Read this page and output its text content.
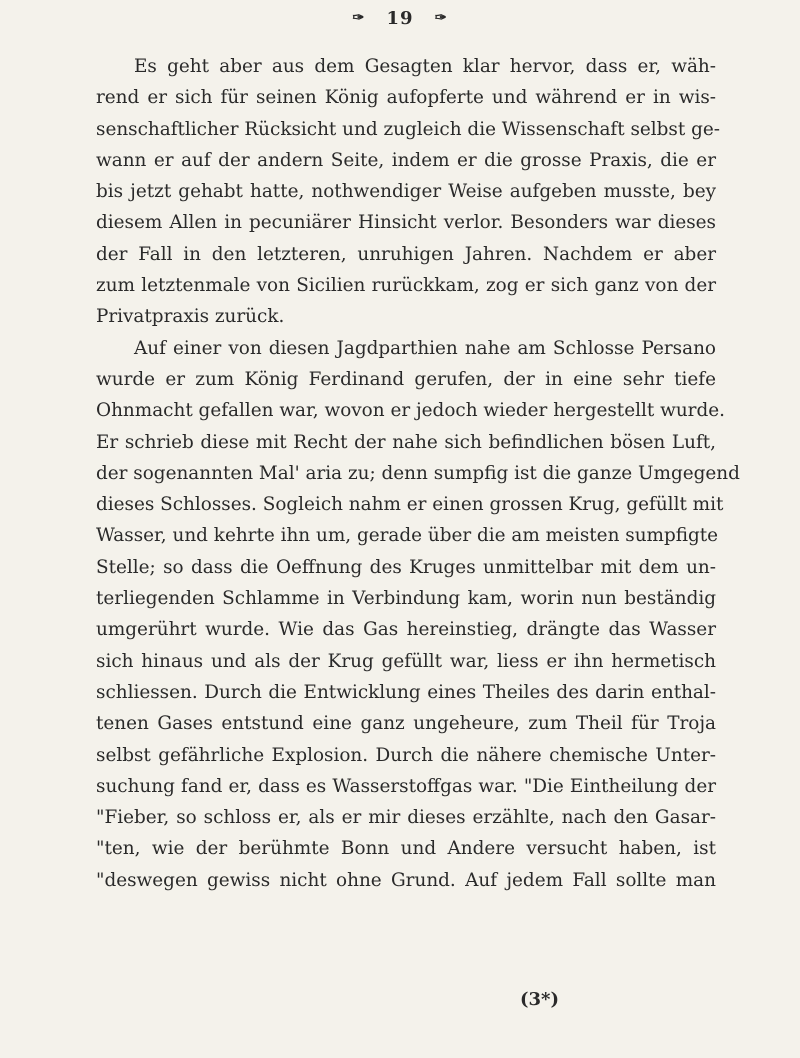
✑ 19 ✑
Es geht aber aus dem Gesagten klar hervor, dass er, wäh-
rend er sich für seinen König aufopferte und während er in wis-
senschaftlicher Rücksicht und zugleich die Wissenschaft selbst ge-
wann er auf der andern Seite, indem er die grosse Praxis, die er
bis jetzt gehabt hatte, nothwendiger Weise aufgeben musste, bey
diesem Allen in pecuniärer Hinsicht verlor. Besonders war dieses
der Fall in den letzteren, unruhigen Jahren. Nachdem er aber
zum letztenmale von Sicilien rurückkam, zog er sich ganz von der
Privatpraxis zurück.
Auf einer von diesen Jagdparthien nahe am Schlosse Persano
wurde er zum König Ferdinand gerufen, der in eine sehr tiefe
Ohnmacht gefallen war, wovon er jedoch wieder hergestellt wurde.
Er schrieb diese mit Recht der nahe sich befindlichen bösen Luft,
der sogenannten Mal' aria zu; denn sumpfig ist die ganze Umgegend
dieses Schlosses. Sogleich nahm er einen grossen Krug, gefüllt mit
Wasser, und kehrte ihn um, gerade über die am meisten sumpfigte
Stelle; so dass die Oeffnung des Kruges unmittelbar mit dem un-
terliegenden Schlamme in Verbindung kam, worin nun beständig
umgerührt wurde. Wie das Gas hereinstieg, drängte das Wasser
sich hinaus und als der Krug gefüllt war, liess er ihn hermetisch
schliessen. Durch die Entwicklung eines Theiles des darin enthal-
tenen Gases entstund eine ganz ungeheure, zum Theil für Troja
selbst gefährliche Explosion. Durch die nähere chemische Unter-
suchung fand er, dass es Wasserstoffgas war. "Die Eintheilung der
"Fieber, so schloss er, als er mir dieses erzählte, nach den Gasar-
"ten, wie der berühmte Bonn und Andere versucht haben, ist
"deswegen gewiss nicht ohne Grund. Auf jedem Fall sollte man
(3*)
